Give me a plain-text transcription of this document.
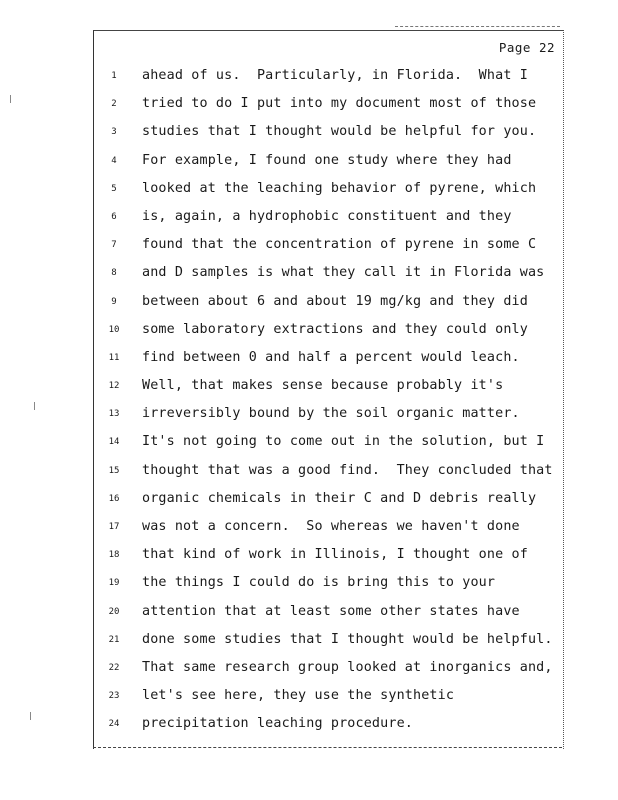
Page 22
1
2
3
4
5
6
7
8
9
10
11
12
13
14
15
16
17
18
19
20
21
22
23
24
ahead of us.  Particularly, in Florida.  What I
tried to do I put into my document most of those
studies that I thought would be helpful for you.
For example, I found one study where they had
looked at the leaching behavior of pyrene, which
is, again, a hydrophobic constituent and they
found that the concentration of pyrene in some C
and D samples is what they call it in Florida was
between about 6 and about 19 mg/kg and they did
some laboratory extractions and they could only
find between 0 and half a percent would leach.
Well, that makes sense because probably it's
irreversibly bound by the soil organic matter.
It's not going to come out in the solution, but I
thought that was a good find.  They concluded that
organic chemicals in their C and D debris really
was not a concern.  So whereas we haven't done
that kind of work in Illinois, I thought one of
the things I could do is bring this to your
attention that at least some other states have
done some studies that I thought would be helpful.
That same research group looked at inorganics and,
let's see here, they use the synthetic
precipitation leaching procedure.
